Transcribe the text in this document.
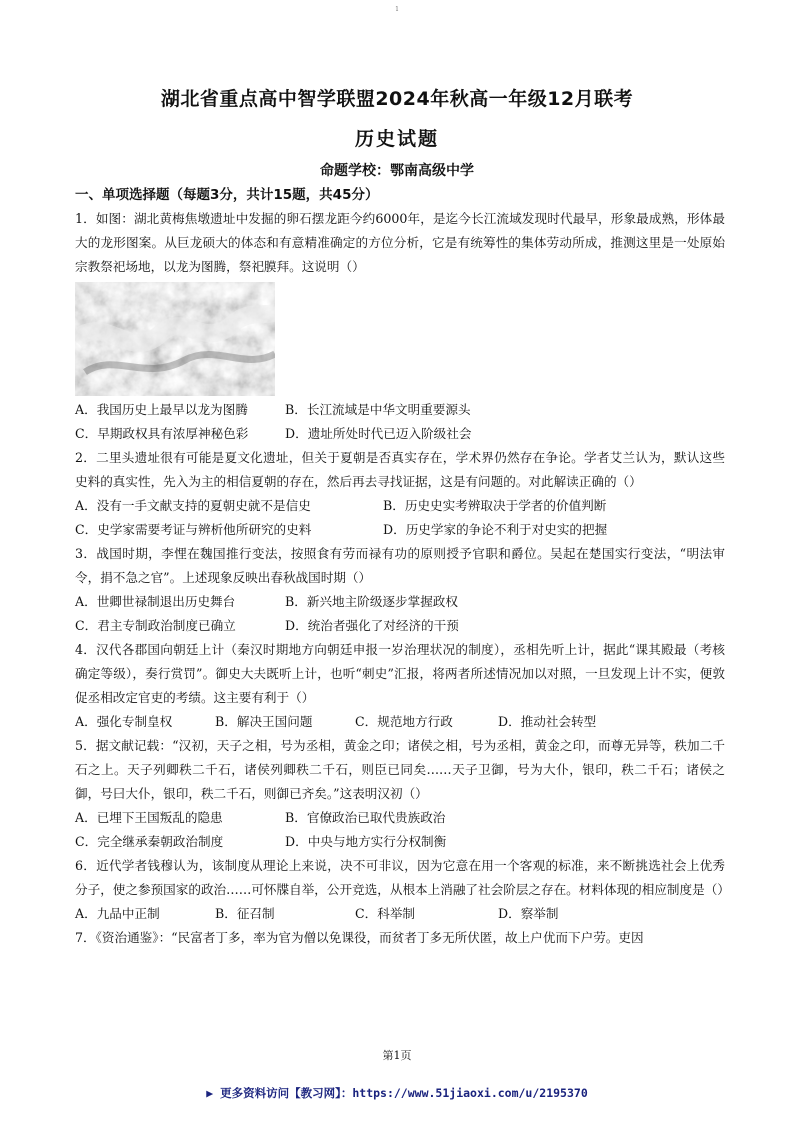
1
湖北省重点高中智学联盟2024年秋高一年级12月联考
历史试题
命题学校：鄂南高级中学
一、单项选择题（每题3分，共计15题，共45分）

1．如图：湖北黄梅焦墩遗址中发掘的卵石摆龙距今约6000年，是迄今长江流域发现时代最早，形象最成熟，形体最大的龙形图案。从巨龙硕大的体态和有意精准确定的方位分析，它是有统筹性的集体劳动所成，推测这里是一处原始宗教祭祀场地，以龙为图腾，祭祀膜拜。这说明（）

A．我国历史上最早以龙为图腾	B．长江流域是中华文明重要源头
C．早期政权具有浓厚神秘色彩	D．遗址所处时代已迈入阶级社会

2．二里头遗址很有可能是夏文化遗址，但关于夏朝是否真实存在，学术界仍然存在争论。学者艾兰认为，默认这些史料的真实性，先入为主的相信夏朝的存在，然后再去寻找证据，这是有问题的。对此解读正确的（）

A．没有一手文献支持的夏朝史就不是信史	B．历史史实考辨取决于学者的价值判断
C．史学家需要考证与辨析他所研究的史料	D．历史学家的争论不利于对史实的把握

3．战国时期，李悝在魏国推行变法，按照食有劳而禄有功的原则授予官职和爵位。吴起在楚国实行变法，“明法审令，捐不急之官”。上述现象反映出春秋战国时期（）

A．世卿世禄制退出历史舞台	B．新兴地主阶级逐步掌握政权
C．君主专制政治制度已确立	D．统治者强化了对经济的干预

4．汉代各郡国向朝廷上计（秦汉时期地方向朝廷申报一岁治理状况的制度），丞相先听上计，据此“课其殿最（考核确定等级），奏行赏罚”。御史大夫既听上计，也听“刺史”汇报，将两者所述情况加以对照，一旦发现上计不实，便敦促丞相改定官吏的考绩。这主要有利于（）

A．强化专制皇权	B．解决王国问题	C．规范地方行政	D．推动社会转型

5．据文献记载：“汉初，天子之相，号为丞相，黄金之印；诸侯之相，号为丞相，黄金之印，而尊无异等，秩加二千石之上。天子列卿秩二千石，诸侯列卿秩二千石，则臣已同矣……天子卫御，号为大仆，银印，秩二千石；诸侯之御，号曰大仆，银印，秩二千石，则御已齐矣。”这表明汉初（）

A．已埋下王国叛乱的隐患	B．官僚政治已取代贵族政治
C．完全继承秦朝政治制度	D．中央与地方实行分权制衡

6．近代学者钱穆认为，该制度从理论上来说，决不可非议，因为它意在用一个客观的标准，来不断挑选社会上优秀分子，使之参预国家的政治……可怀牒自举，公开竞选，从根本上消融了社会阶层之存在。材料体现的相应制度是（）

A．九品中正制	B．征召制	C．科举制	D．察举制

7．《资治通鉴》：“民富者丁多，率为官为僧以免课役，而贫者丁多无所伏匿，故上户优而下户劳。吏因

第1页
▶ 更多资料访问【教习网】：https://www.51jiaoxi.com/u/2195370
